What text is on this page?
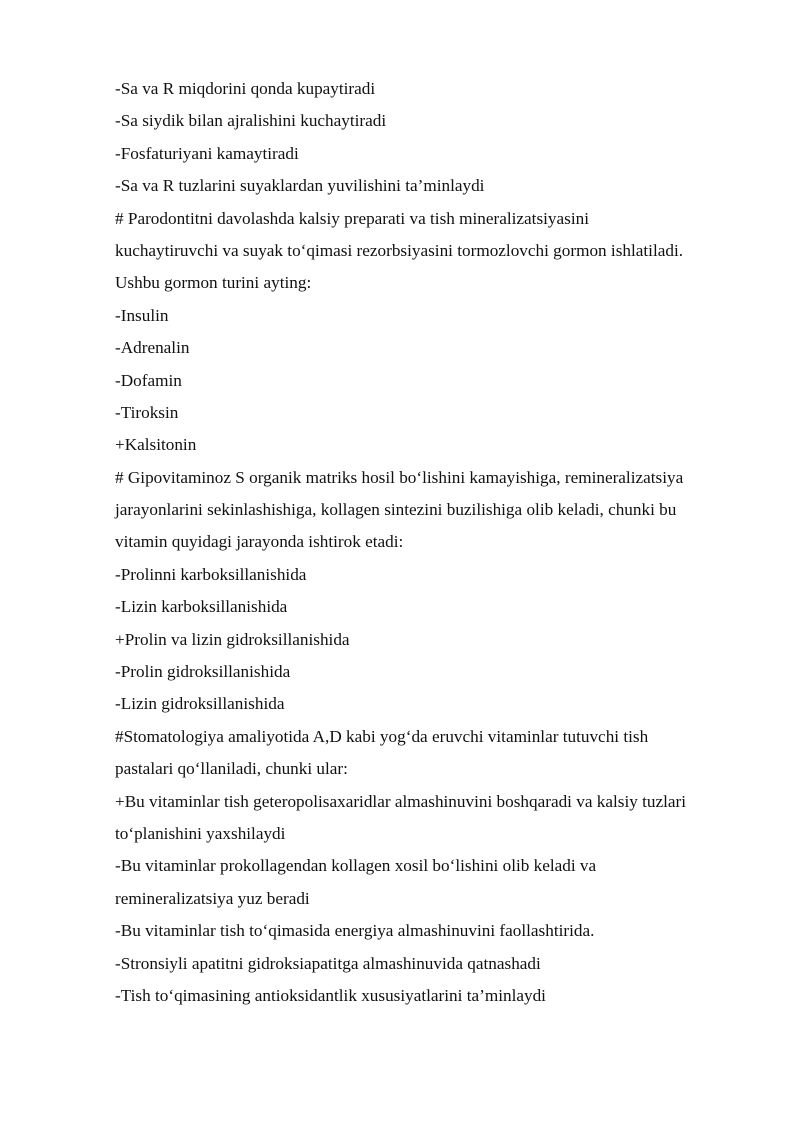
-Sa va R miqdorini qonda kupaytiradi
-Sa siydik bilan ajralishini kuchaytiradi
-Fosfaturiyani kamaytiradi
-Sa va R tuzlarini suyaklardan yuvilishini ta’minlaydi
# Parodontitni davolashda kalsiy preparati va tish mineralizatsiyasini
kuchaytiruvchi va suyak to‘qimasi rezorbsiyasini tormozlovchi gormon ishlatiladi.
Ushbu gormon turini ayting:
-Insulin
-Adrenalin
-Dofamin
-Tiroksin
+Kalsitonin
# Gipovitaminoz S organik matriks hosil bo‘lishini kamayishiga, remineralizatsiya
jarayonlarini sekinlashishiga, kollagen sintezini buzilishiga olib keladi, chunki bu
vitamin quyidagi jarayonda ishtirok etadi:
-Prolinni karboksillanishida
-Lizin karboksillanishida
+Prolin va lizin gidroksillanishida
-Prolin gidroksillanishida
-Lizin gidroksillanishida
#Stomatologiya amaliyotida A,D kabi yog‘da eruvchi vitaminlar tutuvchi tish
pastalari qo‘llaniladi, chunki ular:
+Bu vitaminlar tish geteropolisaxaridlar almashinuvini boshqaradi va kalsiy tuzlari
to‘planishini yaxshilaydi
-Bu vitaminlar prokollagendan kollagen xosil bo‘lishini olib keladi va
remineralizatsiya yuz beradi
-Bu vitaminlar tish to‘qimasida energiya almashinuvini faollashtirida.
-Stronsiyli apatitni gidroksiapatitga almashinuvida qatnashadi
-Tish to‘qimasining antioksidantlik xususiyatlarini ta’minlaydi
